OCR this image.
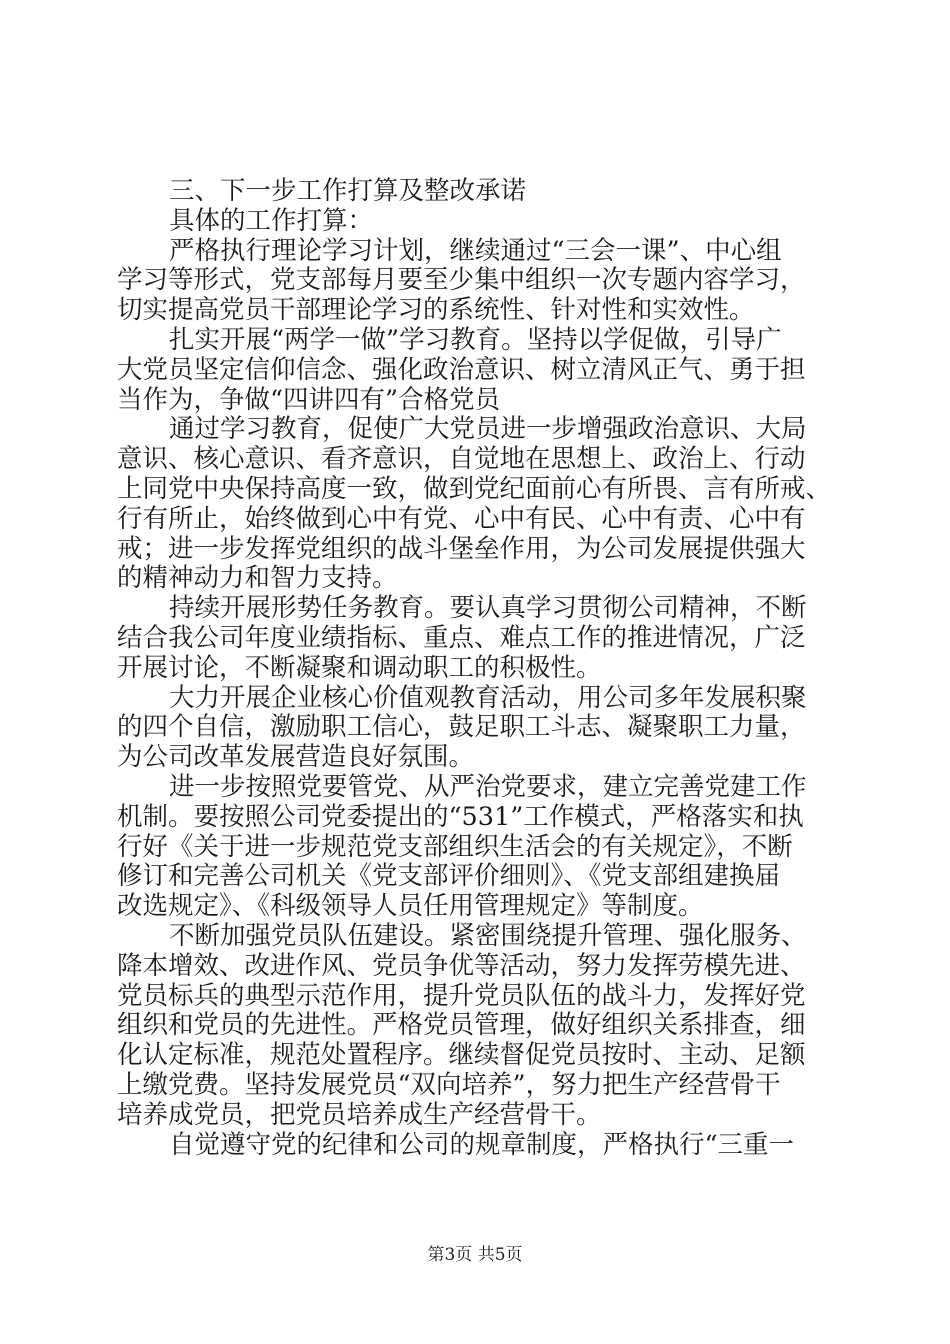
三、下一步工作打算及整改承诺
具体的工作打算：
严格执行理论学习计划，继续通过“三会一课”、中心组
学习等形式，党支部每月要至少集中组织一次专题内容学习，
切实提高党员干部理论学习的系统性、针对性和实效性。
扎实开展“两学一做”学习教育。坚持以学促做，引导广
大党员坚定信仰信念、强化政治意识、树立清风正气、勇于担
当作为，争做“四讲四有”合格党员
通过学习教育，促使广大党员进一步增强政治意识、大局
意识、核心意识、看齐意识，自觉地在思想上、政治上、行动
上同党中央保持高度一致，做到党纪面前心有所畏、言有所戒、
行有所止，始终做到心中有党、心中有民、心中有责、心中有
戒；进一步发挥党组织的战斗堡垒作用，为公司发展提供强大
的精神动力和智力支持。
持续开展形势任务教育。要认真学习贯彻公司精神，不断
结合我公司年度业绩指标、重点、难点工作的推进情况，广泛
开展讨论，不断凝聚和调动职工的积极性。
大力开展企业核心价值观教育活动，用公司多年发展积聚
的四个自信，激励职工信心，鼓足职工斗志、凝聚职工力量，
为公司改革发展营造良好氛围。
进一步按照党要管党、从严治党要求，建立完善党建工作
机制。要按照公司党委提出的“531”工作模式，严格落实和执
行好《关于进一步规范党支部组织生活会的有关规定》，不断
修订和完善公司机关《党支部评价细则》、《党支部组建换届
改选规定》、《科级领导人员任用管理规定》等制度。
不断加强党员队伍建设。紧密围绕提升管理、强化服务、
降本增效、改进作风、党员争优等活动，努力发挥劳模先进、
党员标兵的典型示范作用，提升党员队伍的战斗力，发挥好党
组织和党员的先进性。严格党员管理，做好组织关系排查，细
化认定标准，规范处置程序。继续督促党员按时、主动、足额
上缴党费。坚持发展党员“双向培养”，努力把生产经营骨干
培养成党员，把党员培养成生产经营骨干。
自觉遵守党的纪律和公司的规章制度，严格执行“三重一
第3页 共5页
